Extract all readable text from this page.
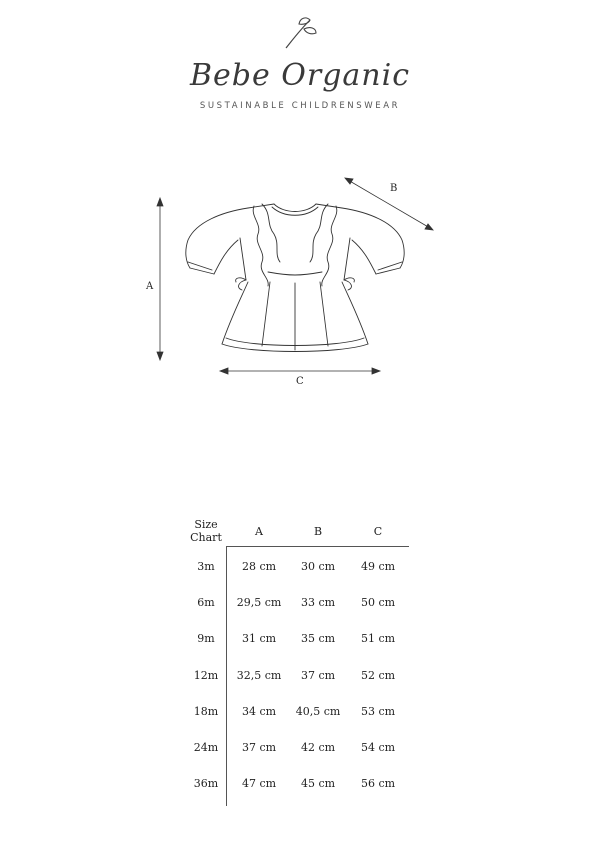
Bebe Organic
SUSTAINABLE CHILDRENSWEAR
A
B
C
Size
Chart	A	B	C
3m	28 cm	30 cm	49 cm
6m	29,5 cm	33 cm	50 cm
9m	31 cm	35 cm	51 cm
12m	32,5 cm	37 cm	52 cm
18m	34 cm	40,5 cm	53 cm
24m	37 cm	42 cm	54 cm
36m	47 cm	45 cm	56 cm
